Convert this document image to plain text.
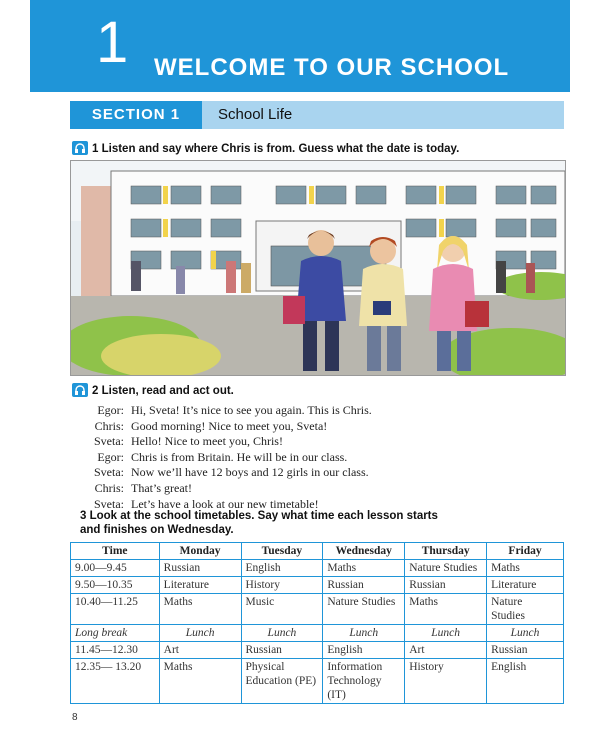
1 WELCOME TO OUR SCHOOL
SECTION 1	School Life
1 Listen and say where Chris is from. Guess what the date is today.
2 Listen, read and act out.
Egor: Hi, Sveta! It’s nice to see you again. This is Chris.
Chris: Good morning! Nice to meet you, Sveta!
Sveta: Hello! Nice to meet you, Chris!
Egor: Chris is from Britain. He will be in our class.
Sveta: Now we’ll have 12 boys and 12 girls in our class.
Chris: That’s great!
Sveta: Let’s have a look at our new timetable!
3 Look at the school timetables. Say what time each lesson starts
and finishes on Wednesday.
Time	Monday	Tuesday	Wednesday	Thursday	Friday
9.00—9.45	Russian	English	Maths	Nature Studies	Maths
9.50—10.35	Literature	History	Russian	Russian	Literature
10.40—11.25	Maths	Music	Nature Studies	Maths	Nature Studies
Long break	Lunch	Lunch	Lunch	Lunch	Lunch
11.45—12.30	Art	Russian	English	Art	Russian
12.35— 13.20	Maths	Physical Education (PE)	Information Technology (IT)	History	English
8
